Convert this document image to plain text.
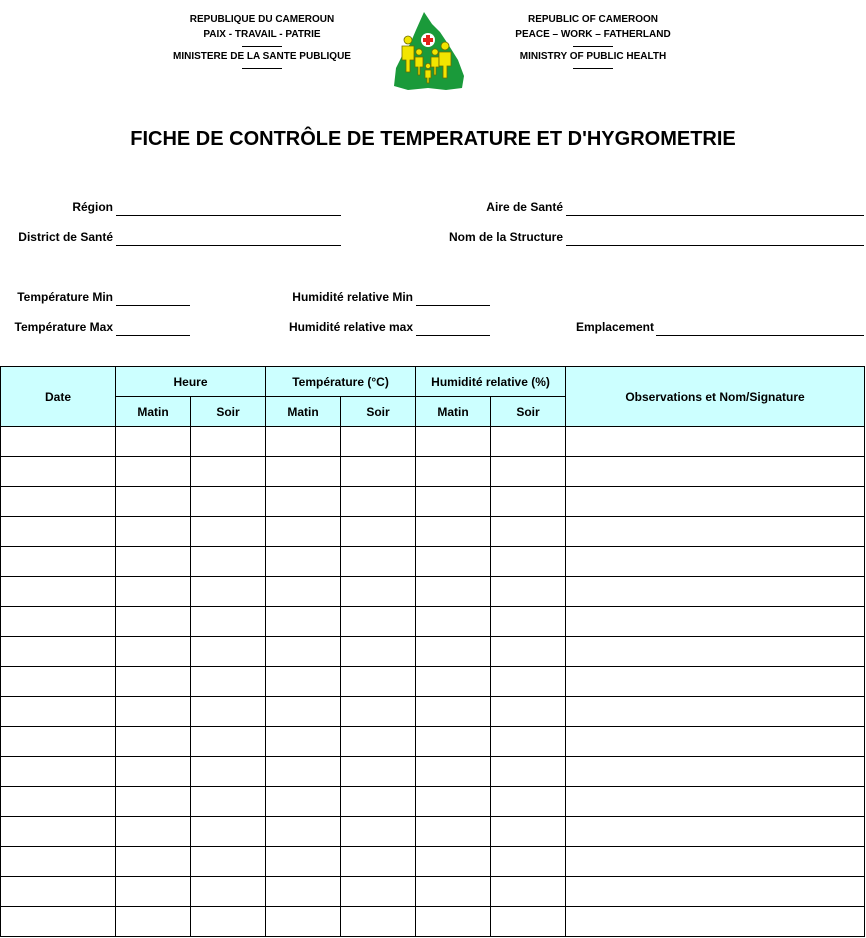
REPUBLIQUE DU CAMEROUN
PAIX - TRAVAIL - PATRIE
MINISTERE DE LA SANTE PUBLIQUE
REPUBLIC OF CAMEROON
PEACE – WORK – FATHERLAND
MINISTRY OF PUBLIC HEALTH
FICHE DE CONTRÔLE DE TEMPERATURE ET D'HYGROMETRIE
Région
District de Santé
Aire de Santé
Nom de la Structure
Température Min
Température Max
Humidité relative Min
Humidité relative max	Emplacement
Date	Heure		Température (°C)		Humidité relative (%)		Observations et Nom/Signature
	Matin	Soir	Matin	Soir	Matin	Soir	
